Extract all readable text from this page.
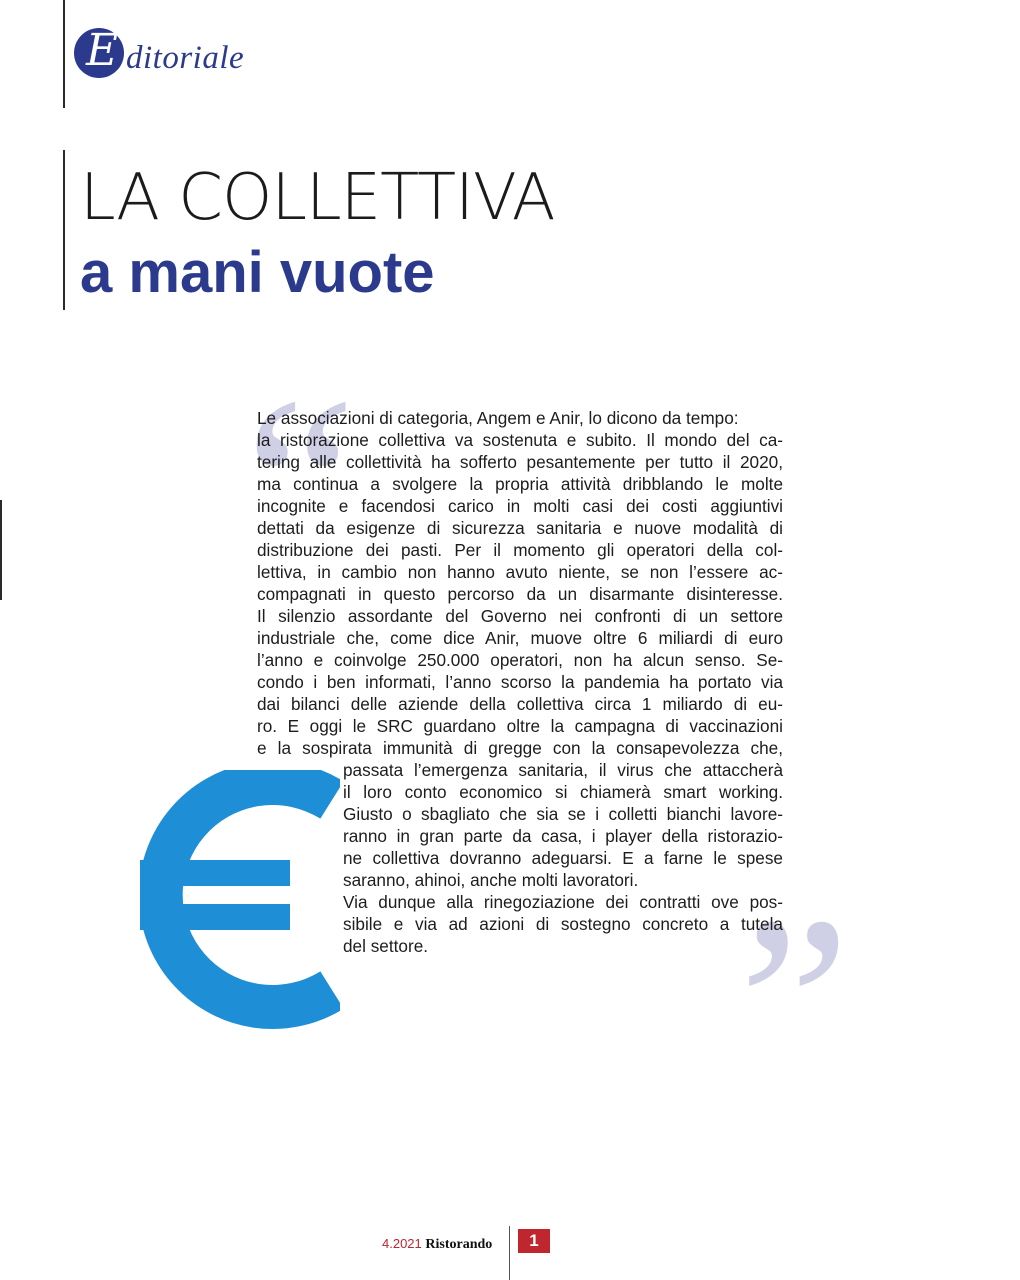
E ditoriale
LA COLLETTIVA
a mani vuote
“
”
Le associazioni di categoria, Angem e Anir, lo dicono da tempo:
la ristorazione collettiva va sostenuta e subito. Il mondo del ca-
tering alle collettività ha sofferto pesantemente per tutto il 2020,
ma continua a svolgere la propria attività dribblando le molte
incognite e facendosi carico in molti casi dei costi aggiuntivi
dettati da esigenze di sicurezza sanitaria e nuove modalità di
distribuzione dei pasti. Per il momento gli operatori della col-
lettiva, in cambio non hanno avuto niente, se non l’essere ac-
compagnati in questo percorso da un disarmante disinteresse.
Il silenzio assordante del Governo nei confronti di un settore
industriale che, come dice Anir, muove oltre 6 miliardi di euro
l’anno e coinvolge 250.000 operatori, non ha alcun senso. Se-
condo i ben informati, l’anno scorso la pandemia ha portato via
dai bilanci delle aziende della collettiva circa 1 miliardo di eu-
ro. E oggi le SRC guardano oltre la campagna di vaccinazioni
e la sospirata immunità di gregge con la consapevolezza che,
passata l’emergenza sanitaria, il virus che attaccherà
il loro conto economico si chiamerà smart working.
Giusto o sbagliato che sia se i colletti bianchi lavore-
ranno in gran parte da casa, i player della ristorazio-
ne collettiva dovranno adeguarsi. E a farne le spese
saranno, ahinoi, anche molti lavoratori.
Via dunque alla rinegoziazione dei contratti ove pos-
sibile e via ad azioni di sostegno concreto a tutela
del settore.
4.2021 Ristorando	1
